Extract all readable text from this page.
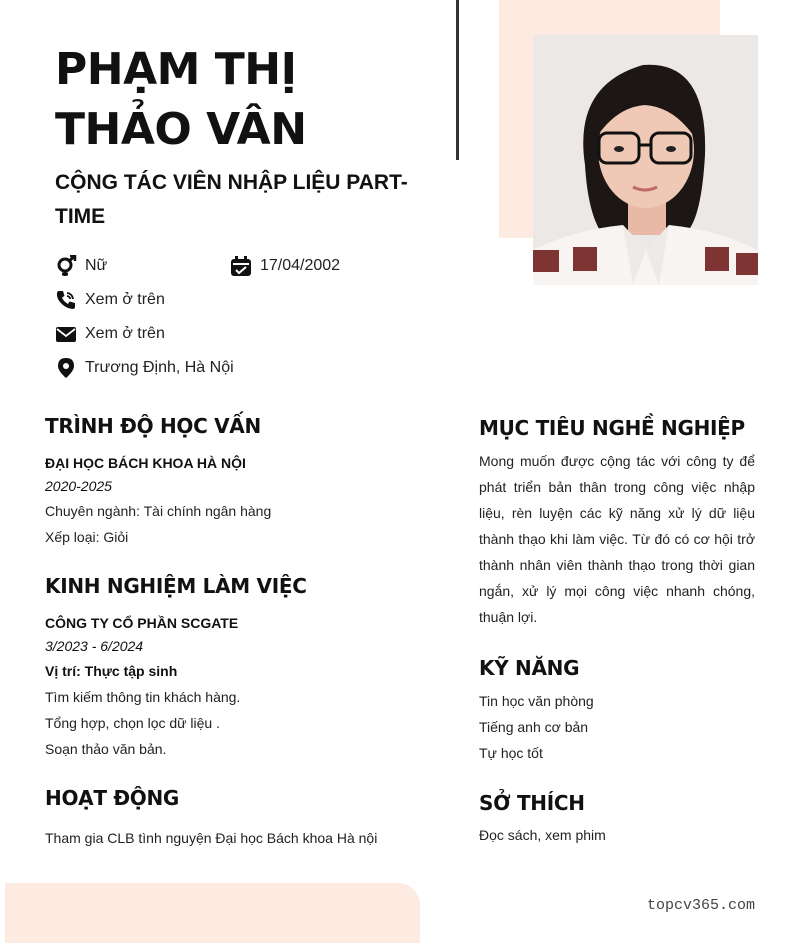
PHẠM THỊ THẢO VÂN
CỘNG TÁC VIÊN NHẬP LIỆU PART-TIME
Nữ	17/04/2002
Xem ở trên
Xem ở trên
Trương Định, Hà Nội
TRÌNH ĐỘ HỌC VẤN
ĐẠI HỌC BÁCH KHOA HÀ NỘI
2020-2025
Chuyên ngành: Tài chính ngân hàng
Xếp loại: Giỏi
KINH NGHIỆM LÀM VIỆC
CÔNG TY CỔ PHẦN SCGATE
3/2023 - 6/2024
Vị trí: Thực tập sinh
Tìm kiếm thông tin khách hàng.
Tổng hợp, chọn lọc dữ liệu .
Soạn thảo văn bản.
HOẠT ĐỘNG
Tham gia CLB tình nguyện Đại học Bách khoa Hà nội
MỤC TIÊU NGHỀ NGHIỆP
Mong muốn được cộng tác với công ty để phát triển bản thân trong công việc nhập liệu, rèn luyện các kỹ năng xử lý dữ liệu thành thạo khi làm việc. Từ đó có cơ hội trở thành nhân viên thành thạo trong thời gian ngắn, xử lý mọi công việc nhanh chóng, thuận lợi.
KỸ NĂNG
Tin học văn phòng
Tiếng anh cơ bản
Tự học tốt
SỞ THÍCH
Đọc sách, xem phim
topcv365.com
